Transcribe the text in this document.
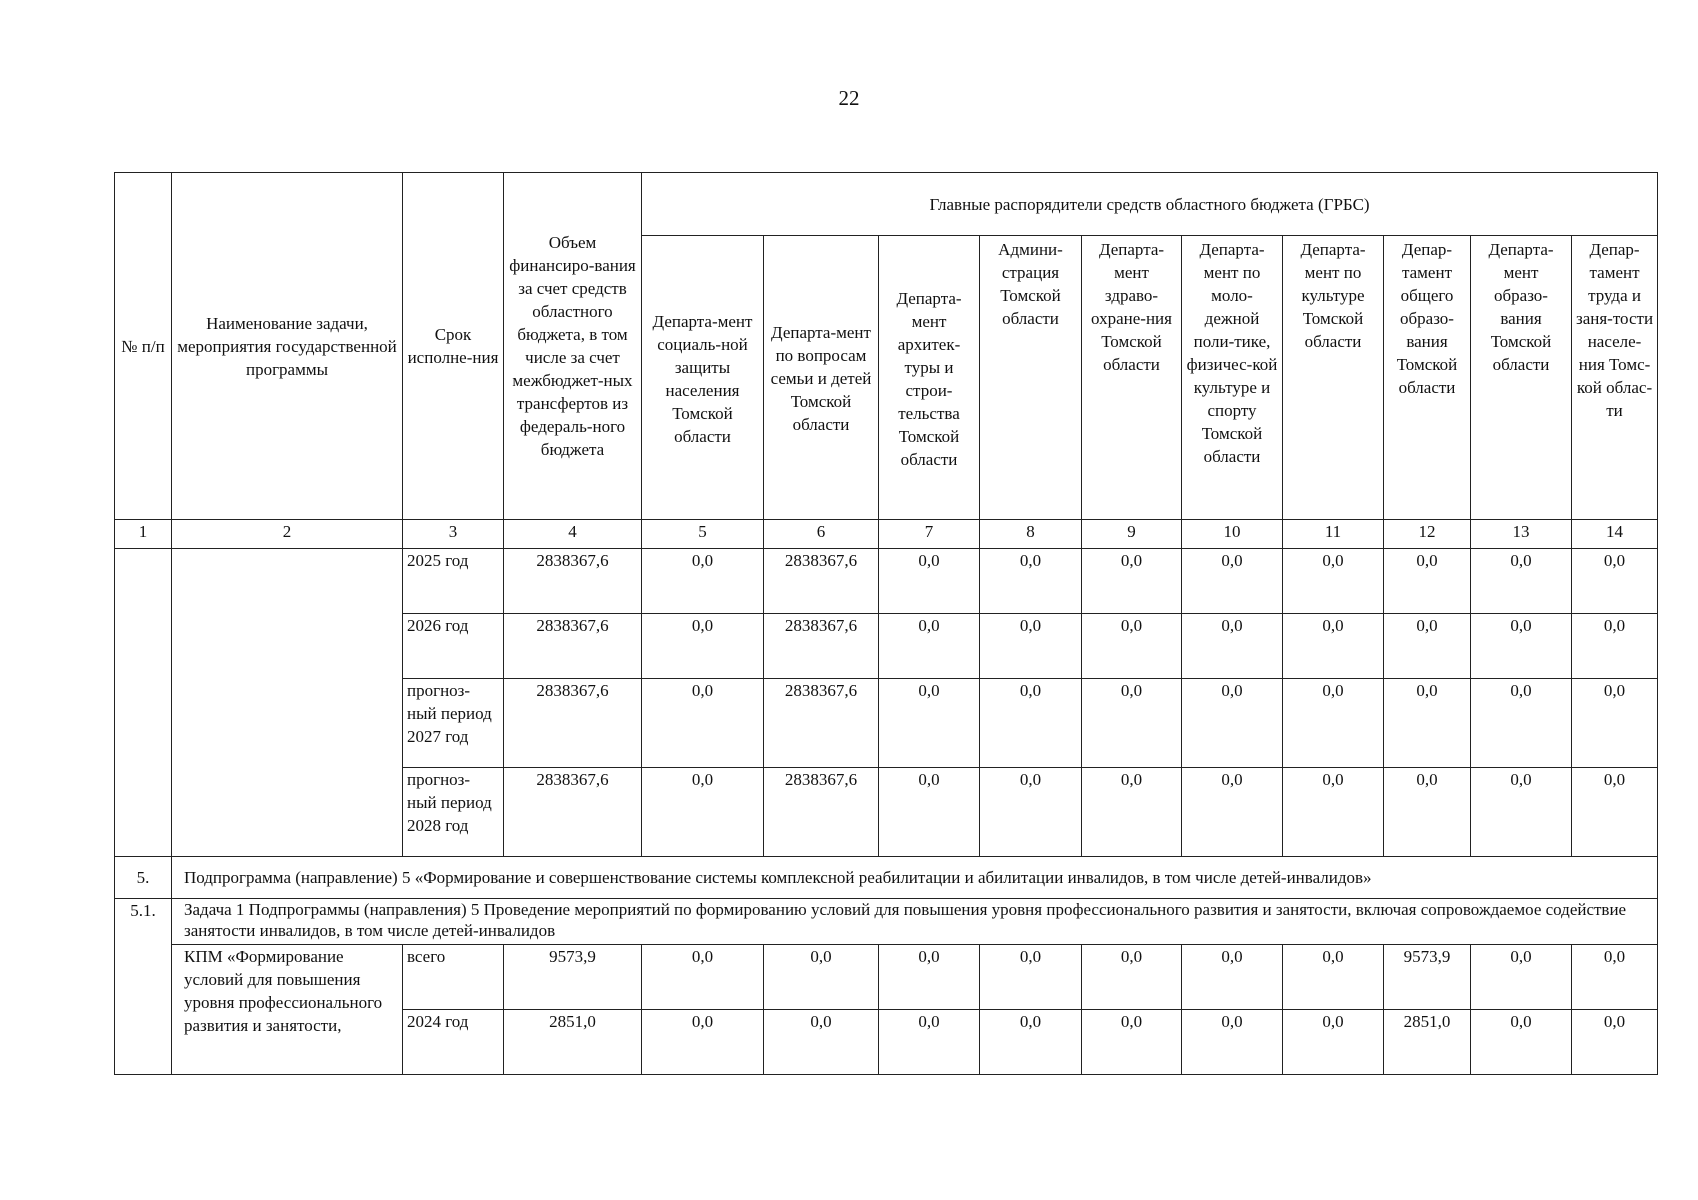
22
№ п/п	Наименование задачи, мероприятия государственной программы	Срок исполне-ния	Объем финансиро-вания за счет средств областного бюджета, в том числе за счет межбюджет-ных трансфертов из федераль-ного бюджета	Главные распорядители средств областного бюджета (ГРБС)									
				Департа-мент социаль-ной защиты населения Томской области	Департа-мент по вопросам семьи и детей Томской области	Департа-мент архитек-туры и строи-тельства Томской области	Админи-страция Томской области	Департа-мент здраво-охране-ния Томской области	Департа-мент по моло-дежной поли-тике, физичес-кой культуре и спорту Томской области	Департа-мент по культуре Томской области	Депар-тамент общего образо-вания Томской области	Департа-мент образо-вания Томской области	Депар-тамент труда и заня-тости населе-ния Томс-кой облас-ти
1	2	3	4	5	6	7	8	9	10	11	12	13	14
		2025 год	2838367,6	0,0	2838367,6	0,0	0,0	0,0	0,0	0,0	0,0	0,0	0,0
		2026 год	2838367,6	0,0	2838367,6	0,0	0,0	0,0	0,0	0,0	0,0	0,0	0,0
		прогноз-ный период 2027 год	2838367,6	0,0	2838367,6	0,0	0,0	0,0	0,0	0,0	0,0	0,0	0,0
		прогноз-ный период 2028 год	2838367,6	0,0	2838367,6	0,0	0,0	0,0	0,0	0,0	0,0	0,0	0,0
5.	Подпрограмма (направление) 5 «Формирование и совершенствование системы комплексной реабилитации и абилитации инвалидов, в том числе детей-инвалидов»												
5.1.	Задача 1 Подпрограммы (направления) 5 Проведение мероприятий по формированию условий для повышения уровня профессионального развития и занятости, включая сопровождаемое содействие занятости инвалидов, в том числе детей-инвалидов												
	КПМ «Формирование условий для повышения уровня профессионального развития и занятости,	всего	9573,9	0,0	0,0	0,0	0,0	0,0	0,0	0,0	9573,9	0,0	0,0
		2024 год	2851,0	0,0	0,0	0,0	0,0	0,0	0,0	0,0	2851,0	0,0	0,0
